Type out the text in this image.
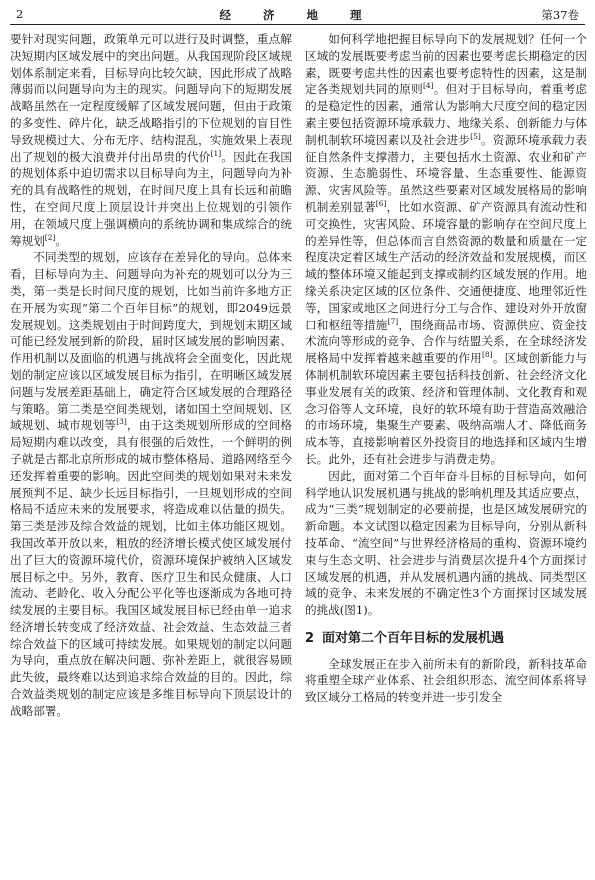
2	经 济 地 理	第37卷

要针对现实问题，政策单元可以进行及时调整，重点解决短期内区域发展中的突出问题。从我国现阶段区域规划体系制定来看，目标导向比较欠缺，因此形成了战略薄弱而以问题导向为主的现实。问题导向下的短期发展战略虽然在一定程度缓解了区域发展问题，但由于政策的多变性、碎片化，缺乏战略指引的下位规划的盲目性导致规模过大、分布无序、结构混乱，实施效果上表现出了规划的极大浪费并付出昂贵的代价[1]。因此在我国的规划体系中迫切需求以目标导向为主，问题导向为补充的具有战略性的规划，在时间尺度上具有长远和前瞻性，在空间尺度上顶层设计并突出上位规划的引领作用，在领域尺度上强调横向的系统协调和集成综合的统筹规划[2]。

不同类型的规划，应该存在差异化的导向。总体来看，目标导向为主、问题导向为补充的规划可以分为三类，第一类是长时间尺度的规划，比如当前许多地方正在开展为实现“第二个百年目标”的规划，即2049远景发展规划。这类规划由于时间跨度大，到规划末期区域可能已经发展到新的阶段，届时区域发展的影响因素、作用机制以及面临的机遇与挑战将会全面变化，因此规划的制定应该以区域发展目标为指引，在明晰区域发展问题与发展差距基础上，确定符合区域发展的合理路径与策略。第二类是空间类规划，诸如国土空间规划、区域规划、城市规划等[3]，由于这类规划所形成的空间格局短期内难以改变，具有很强的后效性，一个鲜明的例子就是古都北京所形成的城市整体格局、道路网络至今还发挥着重要的影响。因此空间类的规划如果对未来发展预判不足、缺少长远目标指引，一旦规划形成的空间格局不适应未来的发展要求，将造成难以估量的损失。第三类是涉及综合效益的规划，比如主体功能区规划。我国改革开放以来，粗放的经济增长模式使区域发展付出了巨大的资源环境代价，资源环境保护被纳入区域发展目标之中。另外，教育、医疗卫生和民众健康、人口流动、老龄化、收入分配公平化等也逐渐成为各地可持续发展的主要目标。我国区域发展目标已经由单一追求经济增长转变成了经济效益、社会效益、生态效益三者综合效益下的区域可持续发展。如果规划的制定以问题为导向，重点放在解决问题、弥补差距上，就很容易顾此失彼，最终难以达到追求综合效益的目的。因此，综合效益类规划的制定应该是多维目标导向下顶层设计的战略部署。

如何科学地把握目标导向下的发展规划？任何一个区域的发展既要考虑当前的因素也要考虑长期稳定的因素，既要考虑共性的因素也要考虑特性的因素，这是制定各类规划共同的原则[4]。但对于目标导向，着重考虑的是稳定性的因素，通常认为影响大尺度空间的稳定因素主要包括资源环境承载力、地缘关系、创新能力与体制机制软环境因素以及社会进步[5]。资源环境承载力表征自然条件支撑潜力，主要包括水土资源、农业和矿产资源、生态脆弱性、环境容量、生态重要性、能源资源、灾害风险等。虽然这些要素对区域发展格局的影响机制差别显著[6]，比如水资源、矿产资源具有流动性和可交换性，灾害风险、环境容量的影响存在空间尺度上的差异性等，但总体而言自然资源的数量和质量在一定程度决定着区域生产活动的经济效益和发展规模，而区域的整体环境又能起到支撑或制约区域发展的作用。地缘关系决定区域的区位条件、交通便捷度、地理邻近性等，国家或地区之间进行分工与合作、建设对外开放窗口和枢纽等措施[7]，围绕商品市场、资源供应、资金技术流向等形成的竞争、合作与结盟关系，在全球经济发展格局中发挥着越来越重要的作用[8]。区域创新能力与体制机制软环境因素主要包括科技创新、社会经济文化事业发展有关的政策、经济和管理体制、文化教育和观念习俗等人文环境，良好的软环境有助于营造高效融洽的市场环境，集聚生产要素、吸纳高端人才、降低商务成本等，直接影响着区外投资目的地选择和区域内生增长。此外，还有社会进步与消费走势。

因此，面对第二个百年奋斗目标的目标导向，如何科学地认识发展机遇与挑战的影响机理及其适应要点，成为“三类”规划制定的必要前提，也是区域发展研究的新命题。本文试图以稳定因素为目标导向，分别从新科技革命、“流空间”与世界经济格局的重构、资源环境约束与生态文明、社会进步与消费层次提升4个方面探讨区域发展的机遇，并从发展机遇内涵的挑战、同类型区域的竞争、未来发展的不确定性3个方面探讨区域发展的挑战(图1)。

2 面对第二个百年目标的发展机遇

全球发展正在步入前所未有的新阶段，新科技革命将重塑全球产业体系、社会组织形态、流空间体系将导致区域分工格局的转变并进一步引发全
